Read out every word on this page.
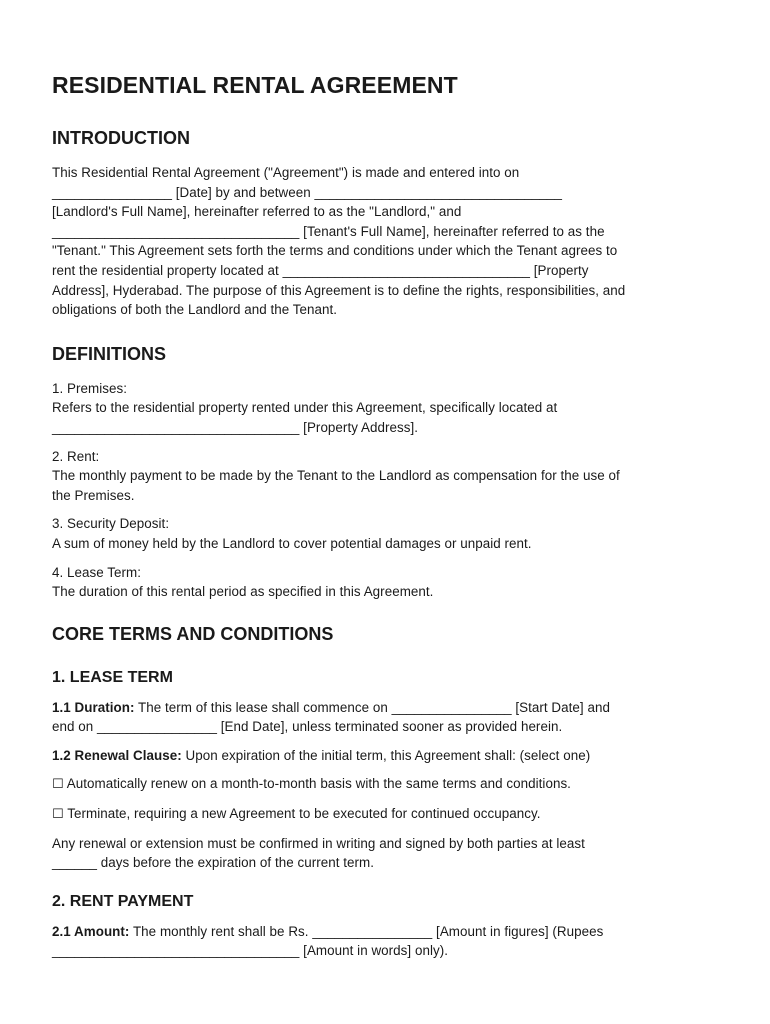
RESIDENTIAL RENTAL AGREEMENT
INTRODUCTION

This Residential Rental Agreement ("Agreement") is made and entered into on
________________ [Date] by and between _________________________________
[Landlord's Full Name], hereinafter referred to as the "Landlord," and
_________________________________ [Tenant's Full Name], hereinafter referred to as the
"Tenant." This Agreement sets forth the terms and conditions under which the Tenant agrees to
rent the residential property located at _________________________________ [Property
Address], Hyderabad. The purpose of this Agreement is to define the rights, responsibilities, and
obligations of both the Landlord and the Tenant.

DEFINITIONS

1. Premises:
Refers to the residential property rented under this Agreement, specifically located at
_________________________________ [Property Address].

2. Rent:
The monthly payment to be made by the Tenant to the Landlord as compensation for the use of
the Premises.

3. Security Deposit:
A sum of money held by the Landlord to cover potential damages or unpaid rent.

4. Lease Term:
The duration of this rental period as specified in this Agreement.

CORE TERMS AND CONDITIONS
1. LEASE TERM

1.1 Duration: The term of this lease shall commence on ________________ [Start Date] and
end on ________________ [End Date], unless terminated sooner as provided herein.

1.2 Renewal Clause: Upon expiration of the initial term, this Agreement shall: (select one)

☐ Automatically renew on a month-to-month basis with the same terms and conditions.

☐ Terminate, requiring a new Agreement to be executed for continued occupancy.

Any renewal or extension must be confirmed in writing and signed by both parties at least
______ days before the expiration of the current term.

2. RENT PAYMENT

2.1 Amount: The monthly rent shall be Rs. ________________ [Amount in figures] (Rupees
_________________________________ [Amount in words] only).
